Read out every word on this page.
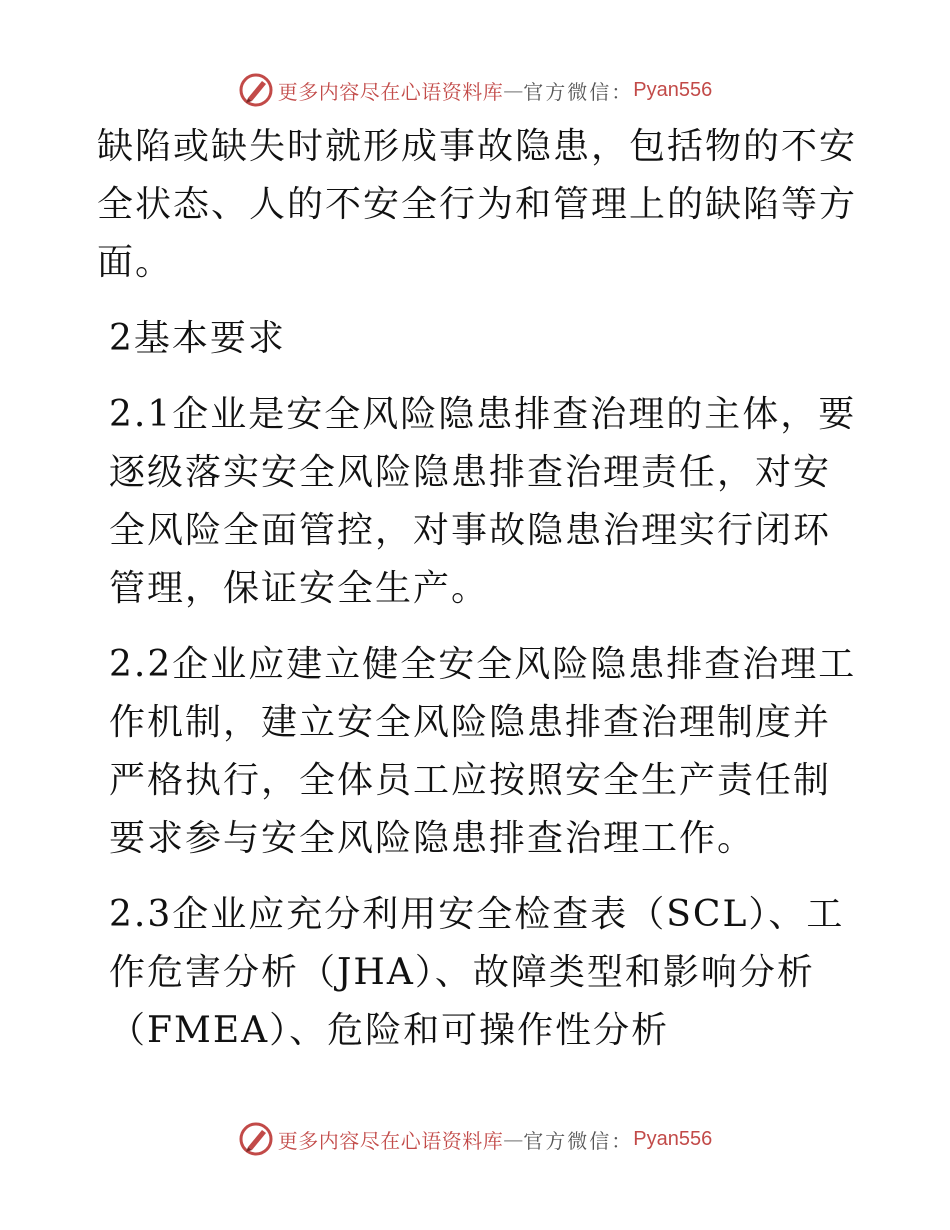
更多内容尽在心语资料库 — 官方微信： Pyan556

缺陷或缺失时就形成事故隐患，包括物的不安全状态、人的不安全行为和管理上的缺陷等方面。

2基本要求

2.1企业是安全风险隐患排查治理的主体，要逐级落实安全风险隐患排查治理责任，对安全风险全面管控，对事故隐患治理实行闭环管理，保证安全生产。

2.2企业应建立健全安全风险隐患排查治理工作机制，建立安全风险隐患排查治理制度并严格执行，全体员工应按照安全生产责任制要求参与安全风险隐患排查治理工作。

2.3企业应充分利用安全检查表（SCL）、工作危害分析（JHA）、故障类型和影响分析（FMEA）、危险和可操作性分析

更多内容尽在心语资料库 — 官方微信： Pyan556
